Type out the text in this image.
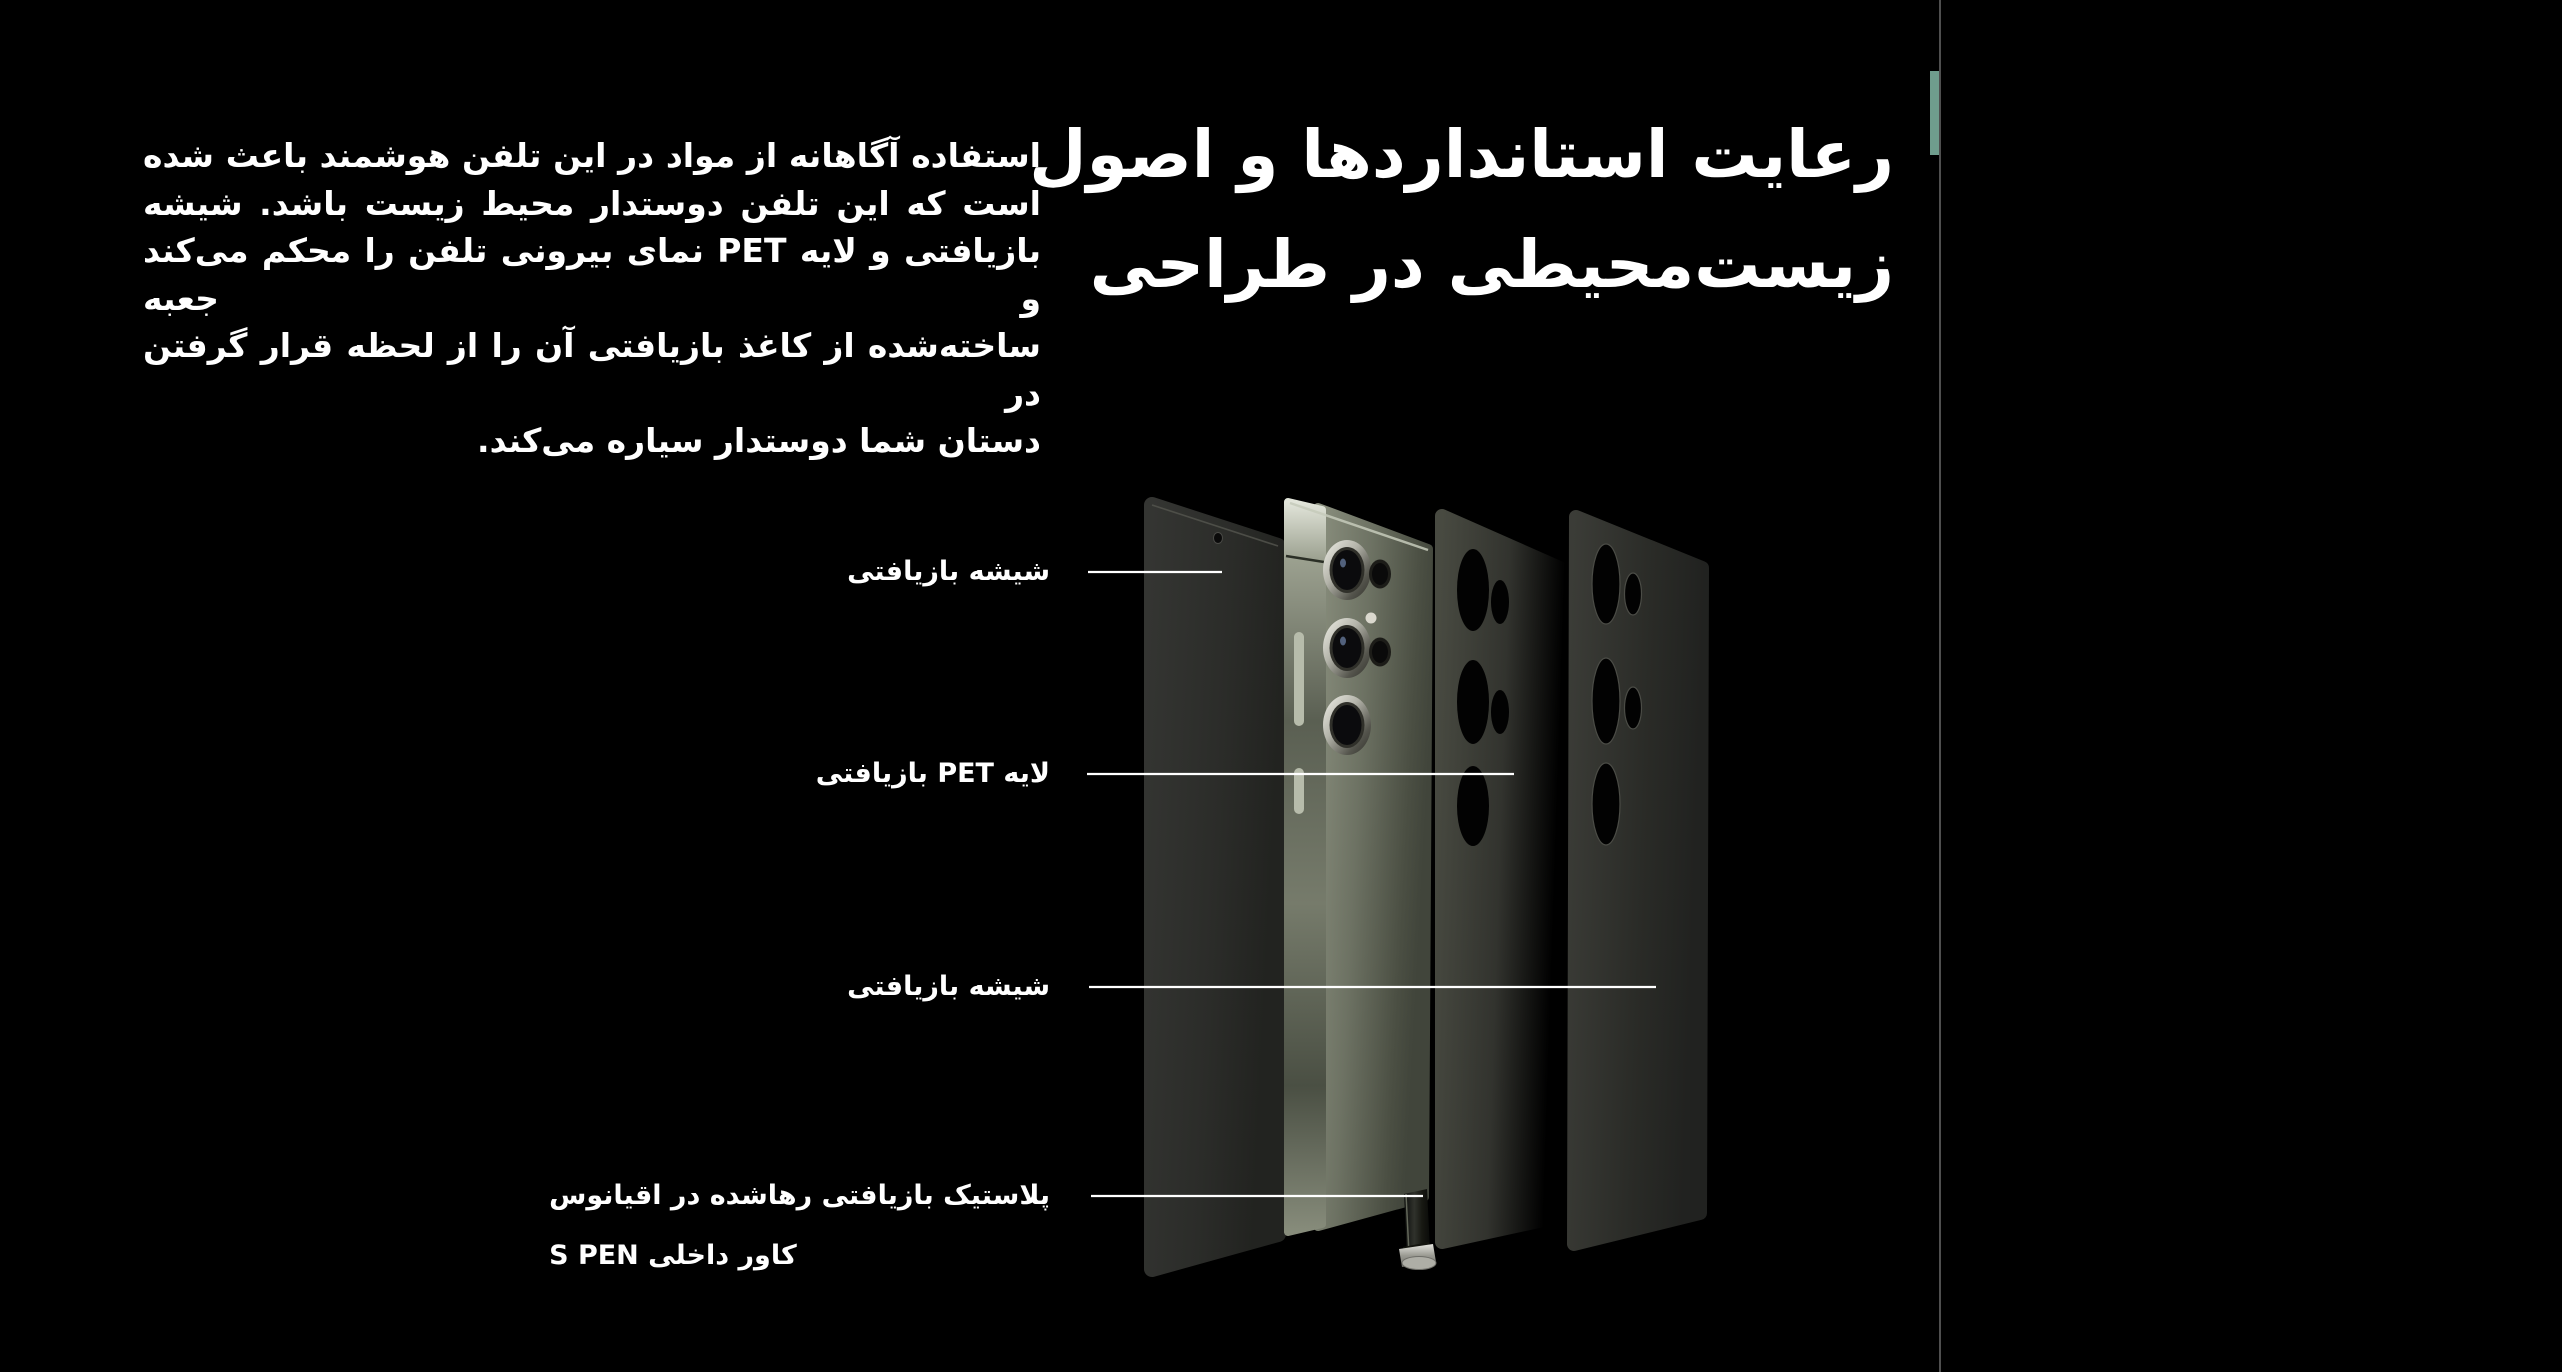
رعایت استانداردها و اصول
زیست‌محیطی در طراحی
استفاده آگاهانه از مواد در این تلفن هوشمند باعث شده
است که این تلفن دوستدار محیط زیست باشد. شیشه
بازیافتی و لایه PET نمای بیرونی تلفن را محکم می‌کند و جعبه
ساخته‌شده از کاغذ بازیافتی آن را از لحظه قرار گرفتن در
دستان شما دوستدار سیاره می‌کند.
شیشه بازیافتی
لایه PET بازیافتی
شیشه بازیافتی
پلاستیک بازیافتی رهاشده در اقیانوس
کاور داخلی S PEN
